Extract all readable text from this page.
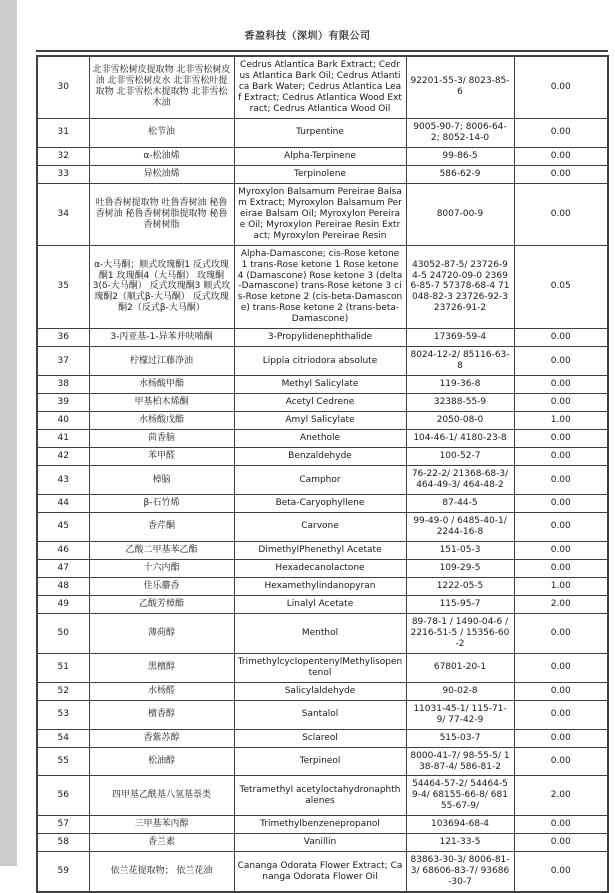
香盈科技（深圳）有限公司
30	北非雪松树皮提取物 北非雪松树皮油 北非雪松树皮水 北非雪松叶提取物 北非雪松木提取物 北非雪松木油	Cedrus Atlantica Bark Extract; Cedrus Atlantica Bark Oil; Cedrus Atlantica Bark Water; Cedrus Atlantica Leaf Extract; Cedrus Atlantica Wood Extract; Cedrus Atlantica Wood Oil	92201-55-3/ 8023-85-6	0.00
31	松节油	Turpentine	9005-90-7; 8006-64-2; 8052-14-0	0.00
32	α-松油烯	Alpha-Terpinene	99-86-5	0.00
33	异松油烯	Terpinolene	586-62-9	0.00
34	吐鲁香树提取物 吐鲁香树油 秘鲁香树油 秘鲁香树树脂提取物 秘鲁香树树脂	Myroxylon Balsamum Pereirae Balsam Extract; Myroxylon Balsamum Pereirae Balsam Oil; Myroxylon Pereirae Oil; Myroxylon Pereirae Resin Extract; Myroxylon Pereirae Resin	8007-00-9	0.00
35	α-大马酮；顺式玫瑰酮1 反式玫瑰酮1 玫瑰酮4（大马酮） 玫瑰酮3(δ-大马酮） 反式玫瑰酮3 顺式玫瑰酮2（顺式β-大马酮） 反式玫瑰酮2（反式β-大马酮）	Alpha-Damascone; cis-Rose ketone 1 trans-Rose ketone 1 Rose ketone 4 (Damascone) Rose ketone 3 (delta-Damascone) trans-Rose ketone 3 cis-Rose ketone 2 (cis-beta-Damascone) trans-Rose ketone 2 (trans-beta-Damascone)	43052-87-5/ 23726-94-5 24720-09-0 23696-85-7 57378-68-4 71048-82-3 23726-92-3 23726-91-2	0.05
36	3-丙亚基-1-异苯并呋喃酮	3-Propylidenephthalide	17369-59-4	0.00
37	柠檬过江藤净油	Lippia citriodora absolute	8024-12-2/ 85116-63-8	0.00
38	水杨酸甲酯	Methyl Salicylate	119-36-8	0.00
39	甲基柏木烯酮	Acetyl Cedrene	32388-55-9	0.00
40	水杨酸戊酯	Amyl Salicylate	2050-08-0	1.00
41	茴香脑	Anethole	104-46-1/ 4180-23-8	0.00
42	苯甲醛	Benzaldehyde	100-52-7	0.00
43	樟脑	Camphor	76-22-2/ 21368-68-3/ 464-49-3/ 464-48-2	0.00
44	β-石竹烯	Beta-Caryophyllene	87-44-5	0.00
45	香芹酮	Carvone	99-49-0 / 6485-40-1/ 2244-16-8	0.00
46	乙酸二甲基苯乙酯	DimethylPhenethyl Acetate	151-05-3	0.00
47	十六内酯	Hexadecanolactone	109-29-5	0.00
48	佳乐麝香	Hexamethylindanopyran	1222-05-5	1.00
49	乙酸芳樟酯	Linalyl Acetate	115-95-7	2.00
50	薄荷醇	Menthol	89-78-1 / 1490-04-6 / 2216-51-5 / 15356-60-2	0.00
51	黑檀醇	TrimethylcyclopentenylMethylisopentenol	67801-20-1	0.00
52	水杨醛	Salicylaldehyde	90-02-8	0.00
53	檀香醇	Santalol	11031-45-1/ 115-71-9/ 77-42-9	0.00
54	香紫苏醇	Sclareol	515-03-7	0.00
55	松油醇	Terpineol	8000-41-7/ 98-55-5/ 138-87-4/ 586-81-2	0.00
56	四甲基乙酰基八氢基萘类	Tetramethyl acetyloctahydronaphthalenes	54464-57-2/ 54464-59-4/ 68155-66-8/ 68155-67-9/	2.00
57	三甲基苯丙醇	Trimethylbenzenepropanol	103694-68-4	0.00
58	香兰素	Vanillin	121-33-5	0.00
59	依兰花提取物； 依兰花油	Cananga Odorata Flower Extract; Cananga Odorata Flower Oil	83863-30-3/ 8006-81-3/ 68606-83-7/ 93686-30-7	0.00
